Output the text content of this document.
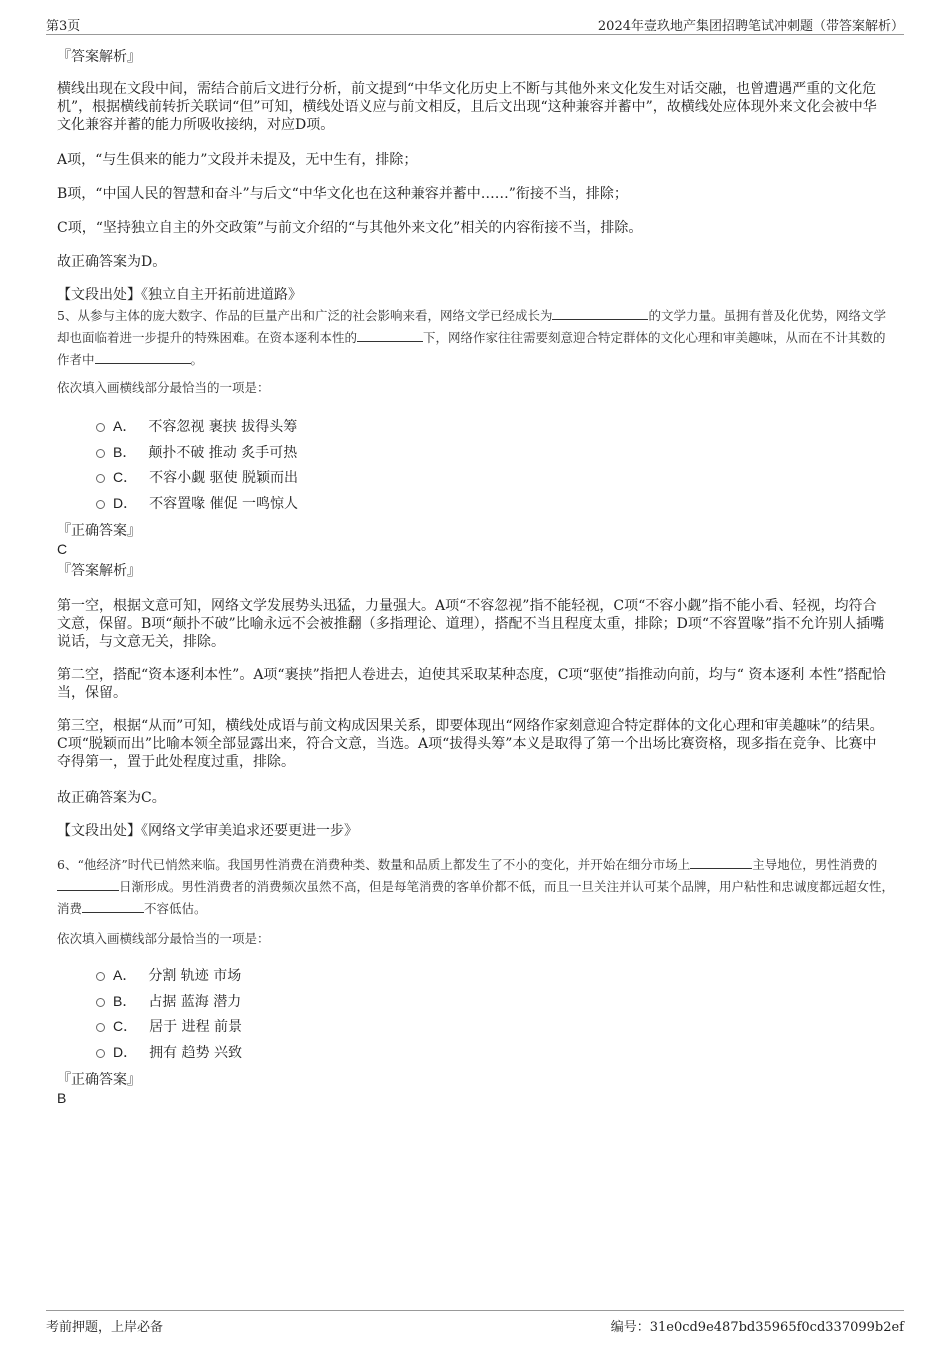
第3页	2024年壹玖地产集团招聘笔试冲刺题（带答案解析）

『答案解析』

横线出现在文段中间，需结合前后文进行分析，前文提到“中华文化历史上不断与其他外来文化发生对话交融，也曾遭遇严重的文化危机”，根据横线前转折关联词“但”可知，横线处语义应与前文相反，且后文出现“这种兼容并蓄中”，故横线处应体现外来文化会被中华文化兼容并蓄的能力所吸收接纳，对应D项。

A项，“与生俱来的能力”文段并未提及，无中生有，排除；

B项，“中国人民的智慧和奋斗”与后文“中华文化也在这种兼容并蓄中……”衔接不当，排除；

C项，“坚持独立自主的外交政策”与前文介绍的“与其他外来文化”相关的内容衔接不当，排除。

故正确答案为D。

【文段出处】《独立自主开拓前进道路》

5、从参与主体的庞大数字、作品的巨量产出和广泛的社会影响来看，网络文学已经成长为	的文学力量。虽拥有普及化优势，网络文学却也面临着进一步提升的特殊困难。在资本逐利本性的	下，网络作家往往需要刻意迎合特定群体的文化心理和审美趣味，从而在不计其数的作者中	。

依次填入画横线部分最恰当的一项是：

A． 不容忽视 裹挟 拔得头筹
B． 颠扑不破 推动 炙手可热
C． 不容小觑 驱使 脱颖而出
D． 不容置喙 催促 一鸣惊人

『正确答案』

C

『答案解析』

第一空，根据文意可知，网络文学发展势头迅猛，力量强大。A项“不容忽视”指不能轻视，C项“不容小觑”指不能小看、轻视，均符合文意，保留。B项“颠扑不破”比喻永远不会被推翻（多指理论、道理），搭配不当且程度太重，排除；D项“不容置喙”指不允许别人插嘴说话，与文意无关，排除。

第二空，搭配“资本逐利本性”。A项“裹挟”指把人卷进去，迫使其采取某种态度，C项“驱使”指推动向前，均与“ 资本逐利 本性”搭配恰当，保留。

第三空，根据“从而”可知，横线处成语与前文构成因果关系，即要体现出“网络作家刻意迎合特定群体的文化心理和审美趣味”的结果。C项“脱颖而出”比喻本领全部显露出来，符合文意，当选。A项“拔得头筹”本义是取得了第一个出场比赛资格，现多指在竞争、比赛中夺得第一，置于此处程度过重，排除。

故正确答案为C。

【文段出处】《网络文学审美追求还要更进一步》

6、“他经济”时代已悄然来临。我国男性消费在消费种类、数量和品质上都发生了不小的变化，并开始在细分市场上	主导地位，男性消费的日渐形成。男性消费者的消费频次虽然不高，但是每笔消费的客单价都不低，而且一旦关注并认可某个品牌，用户粘性和忠诚度都远超女性，消费	不容低估。

依次填入画横线部分最恰当的一项是：

A． 分割 轨迹 市场
B． 占据 蓝海 潜力
C． 居于 进程 前景
D． 拥有 趋势 兴致

『正确答案』

B
考前押题，上岸必备	编号：31e0cd9e487bd35965f0cd337099b2ef
